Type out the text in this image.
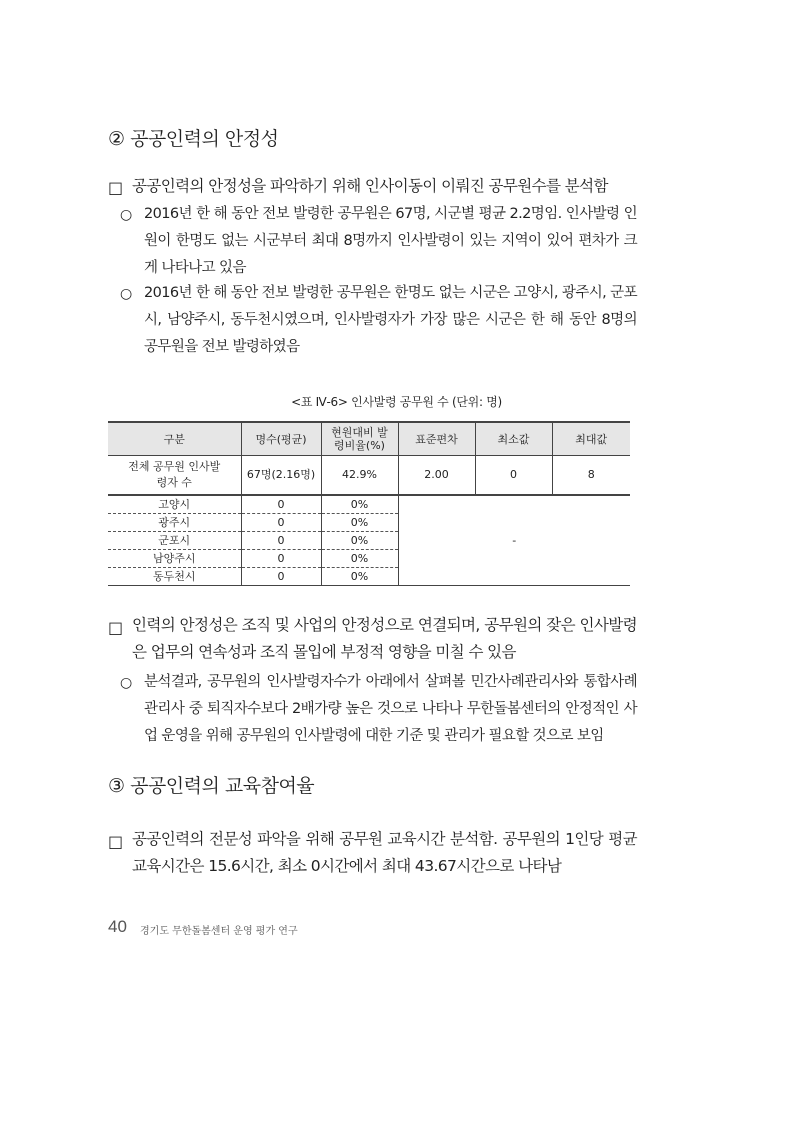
② 공공인력의 안정성
□ 공공인력의 안정성을 파악하기 위해 인사이동이 이뤄진 공무원수를 분석함
○ 2016년 한 해 동안 전보 발령한 공무원은 67명, 시군별 평균 2.2명임. 인사발령 인원이 한명도 없는 시군부터 최대 8명까지 인사발령이 있는 지역이 있어 편차가 크게 나타나고 있음
○ 2016년 한 해 동안 전보 발령한 공무원은 한명도 없는 시군은 고양시, 광주시, 군포시, 남양주시, 동두천시였으며, 인사발령자가 가장 많은 시군은 한 해 동안 8명의 공무원을 전보 발령하였음
<표 Ⅳ-6> 인사발령 공무원 수 (단위: 명)
구분	명수(평균)	현원대비 발령비율(%)	표준편차	최소값	최대값
전체 공무원 인사발령자 수	67명(2.16명)	42.9%	2.00	0	8
고양시	0	0%	-		
광주시	0	0%			
군포시	0	0%			
남양주시	0	0%			
동두천시	0	0%			
□ 인력의 안정성은 조직 및 사업의 안정성으로 연결되며, 공무원의 잦은 인사발령은 업무의 연속성과 조직 몰입에 부정적 영향을 미칠 수 있음
○ 분석결과, 공무원의 인사발령자수가 아래에서 살펴볼 민간사례관리사와 통합사례관리사 중 퇴직자수보다 2배가량 높은 것으로 나타나 무한돌봄센터의 안정적인 사업 운영을 위해 공무원의 인사발령에 대한 기준 및 관리가 필요할 것으로 보임
③ 공공인력의 교육참여율
□ 공공인력의 전문성 파악을 위해 공무원 교육시간 분석함. 공무원의 1인당 평균 교육시간은 15.6시간, 최소 0시간에서 최대 43.67시간으로 나타남
40 경기도 무한돌봄센터 운영 평가 연구
